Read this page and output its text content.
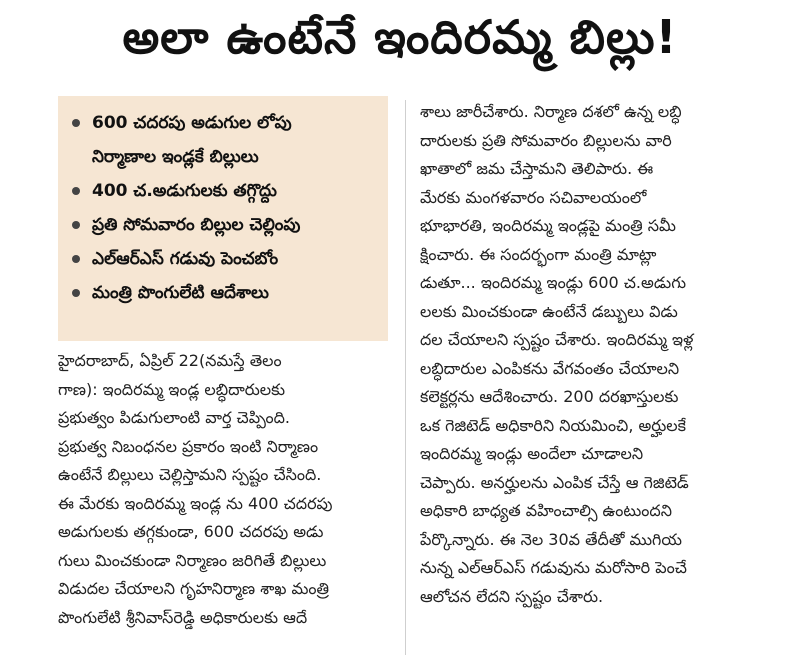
అలా ఉంటేనే ఇందిరమ్మ బిల్లు!
600 చదరపు అడుగుల లోపు
నిర్మాణాల ఇండ్లకే బిల్లులు
400 చ.అడుగులకు తగ్గొద్దు
ప్రతి సోమవారం బిల్లుల చెల్లింపు
ఎల్ఆర్ఎస్ గడువు పెంచబోం
మంత్రి పొంగులేటి ఆదేశాలు
హైదరాబాద్, ఏప్రిల్ 22(నమస్తే తెలం
గాణ): ఇందిరమ్మ ఇండ్ల లబ్ధిదారులకు
ప్రభుత్వం పిడుగులాంటి వార్త చెప్పింది.
ప్రభుత్వ నిబంధనల ప్రకారం ఇంటి నిర్మాణం
ఉంటేనే బిల్లులు చెల్లిస్తామని స్పష్టం చేసింది.
ఈ మేరకు ఇందిరమ్మ ఇండ్ల ను 400 చదరపు
అడుగులకు తగ్గకుండా, 600 చదరపు అడు
గులు మించకుండా నిర్మాణం జరిగితే బిల్లులు
విడుదల చేయాలని గృహనిర్మాణ శాఖ మంత్రి
పొంగులేటి శ్రీనివాస్‌రెడ్డి అధికారులకు ఆదే
శాలు జారీచేశారు. నిర్మాణ దశలో ఉన్న లబ్ధి
దారులకు ప్రతి సోమవారం బిల్లులను వారి
ఖాతాలో జమ చేస్తామని తెలిపారు. ఈ
మేరకు మంగళవారం సచివాలయంలో
భూభారతి, ఇందిరమ్మ ఇండ్లపై మంత్రి సమీ
క్షించారు. ఈ సందర్భంగా మంత్రి మాట్లా
డుతూ... ఇందిరమ్మ ఇండ్లు 600 చ.అడుగు
లలకు మించకుండా ఉంటేనే డబ్బులు విడు
దల చేయాలని స్పష్టం చేశారు. ఇందిరమ్మ ఇళ్ల
లబ్ధిదారుల ఎంపికను వేగవంతం చేయాలని
కలెక్టర్లను ఆదేశించారు. 200 దరఖాస్తులకు
ఒక గెజిటెడ్ అధికారిని నియమించి, అర్హులకే
ఇందిరమ్మ ఇండ్లు అందేలా చూడాలని
చెప్పారు. అనర్హులను ఎంపిక చేస్తే ఆ గెజిటెడ్
అధికారి బాధ్యత వహించాల్సి ఉంటుందని
పేర్కొన్నారు. ఈ నెల 30వ తేదీతో ముగియ
నున్న ఎల్ఆర్ఎస్ గడువును మరోసారి పెంచే
ఆలోచన లేదని స్పష్టం చేశారు.
